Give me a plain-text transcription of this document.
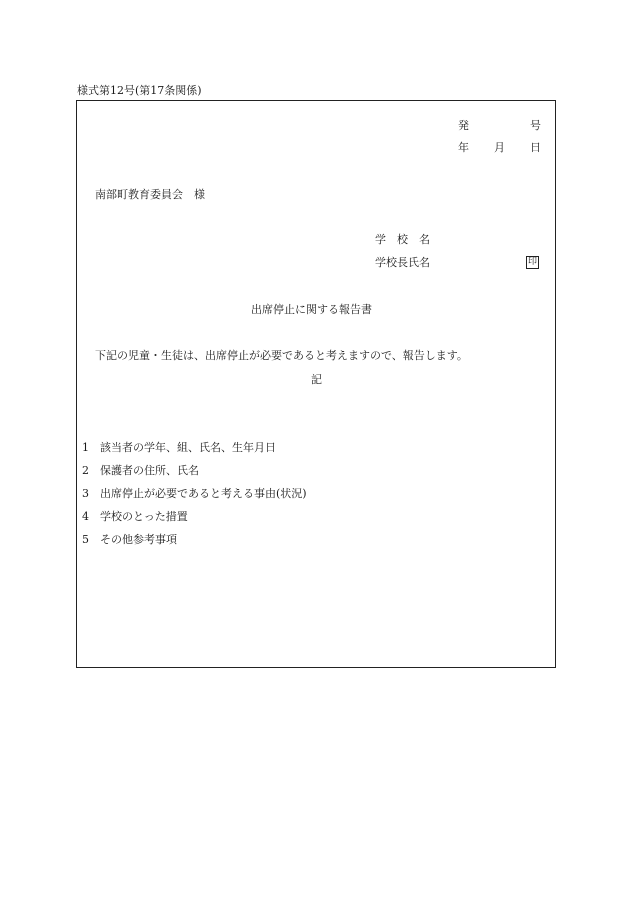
様式第12号(第17条関係)
発	号
年 月 日
南部町教育委員会　様
学　校　名
学校長氏名	印
出席停止に関する報告書
下記の児童・生徒は、出席停止が必要であると考えますので、報告します。
記
1 該当者の学年、組、氏名、生年月日
2 保護者の住所、氏名
3 出席停止が必要であると考える事由(状況)
4 学校のとった措置
5 その他参考事項
